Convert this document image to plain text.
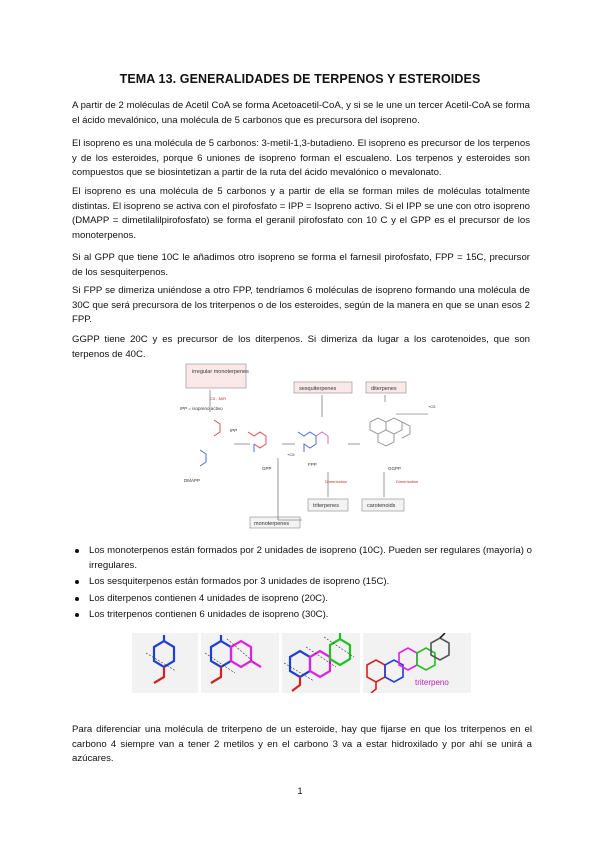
TEMA 13. GENERALIDADES DE TERPENOS Y ESTEROIDES

A partir de 2 moléculas de Acetil CoA se forma Acetoacetil-CoA, y si se le une un tercer Acetil-CoA se forma el ácido mevalónico, una molécula de 5 carbonos que es precursora del isopreno.

El isopreno es una molécula de 5 carbonos: 3-metil-1,3-butadieno. El isopreno es precursor de los terpenos y de los esteroides, porque 6 uniones de isopreno forman el escualeno. Los terpenos y esteroides son compuestos que se biosintetizan a partir de la ruta del ácido mevalónico o mevalonato.

El isopreno es una molécula de 5 carbonos y a partir de ella se forman miles de moléculas totalmente distintas. El isopreno se activa con el pirofosfato = IPP = Isopreno activo. Si el IPP se une con otro isopreno (DMAPP = dimetilalilpirofosfato) se forma el geranil pirofosfato con 10 C y el GPP es el precursor de los monoterpenos.

Si al GPP que tiene 10C le añadimos otro isopreno se forma el farnesil pirofosfato, FPP = 15C, precursor de los sesquiterpenos.

Si FPP se dimeriza uniéndose a otro FPP, tendríamos 6 moléculas de isopreno formando una molécula de 30C que será precursora de los triterpenos o de los esteroides, según de la manera en que se unan esos 2 FPP.

GGPP tiene 20C y es precursor de los diterpenos. Si dimeriza da lugar a los carotenoides, que son terpenos de 40C.

irregular monoterpenes
sesquiterpenes	diterpenes
monoterpenes
triterpenes	carotenoids
C5 - MIR
IPP = isopreno activo
DMAPP
IPP
GPP
FPP
GGPP
Dimerization	Dimerization
+C5
+C5
Los monoterpenos están formados por 2 unidades de isopreno (10C). Pueden ser regulares (mayoría) o irregulares.
Los sesquiterpenos están formados por 3 unidades de isopreno (15C).
Los diterpenos contienen 4 unidades de isopreno (20C).
Los triterpenos contienen 6 unidades de isopreno (30C).
triterpeno

Para diferenciar una molécula de triterpeno de un esteroide, hay que fijarse en que los triterpenos en el carbono 4 siempre van a tener 2 metilos y en el carbono 3 va a estar hidroxilado y por ahí se unirá a azúcares.

1
